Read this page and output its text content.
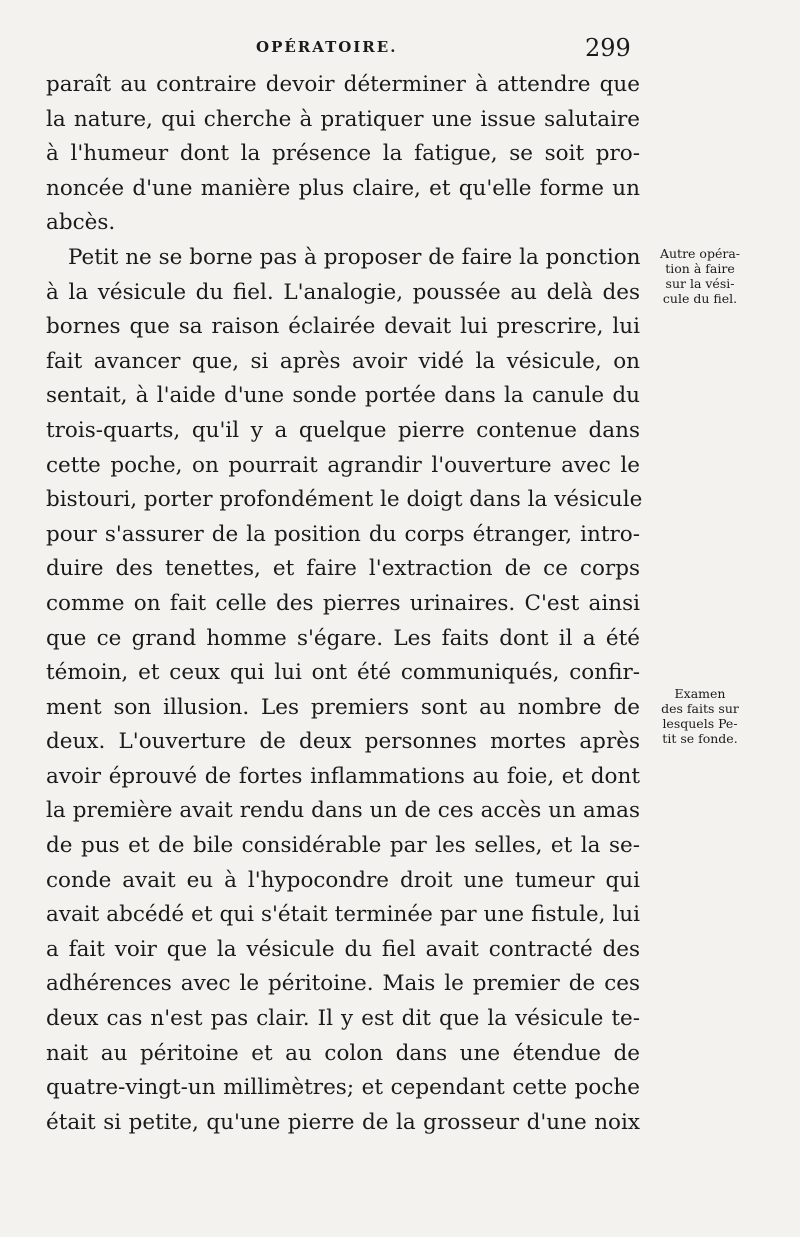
OPÉRATOIRE.	299
paraît au contraire devoir déterminer à attendre que
la nature, qui cherche à pratiquer une issue salutaire
à l'humeur dont la présence la fatigue, se soit pro-
noncée d'une manière plus claire, et qu'elle forme un
abcès.
Petit ne se borne pas à proposer de faire la ponction
à la vésicule du fiel. L'analogie, poussée au delà des
bornes que sa raison éclairée devait lui prescrire, lui
fait avancer que, si après avoir vidé la vésicule, on
sentait, à l'aide d'une sonde portée dans la canule du
trois-quarts, qu'il y a quelque pierre contenue dans
cette poche, on pourrait agrandir l'ouverture avec le
bistouri, porter profondément le doigt dans la vésicule
pour s'assurer de la position du corps étranger, intro-
duire des tenettes, et faire l'extraction de ce corps
comme on fait celle des pierres urinaires. C'est ainsi
que ce grand homme s'égare. Les faits dont il a été
témoin, et ceux qui lui ont été communiqués, confir-
ment son illusion. Les premiers sont au nombre de
deux. L'ouverture de deux personnes mortes après
avoir éprouvé de fortes inflammations au foie, et dont
la première avait rendu dans un de ces accès un amas
de pus et de bile considérable par les selles, et la se-
conde avait eu à l'hypocondre droit une tumeur qui
avait abcédé et qui s'était terminée par une fistule, lui
a fait voir que la vésicule du fiel avait contracté des
adhérences avec le péritoine. Mais le premier de ces
deux cas n'est pas clair. Il y est dit que la vésicule te-
nait au péritoine et au colon dans une étendue de
quatre-vingt-un millimètres; et cependant cette poche
était si petite, qu'une pierre de la grosseur d'une noix
Autre opéra-
tion à faire
sur la vési-
cule du fiel.
Examen
des faits sur
lesquels Pe-
tit se fonde.
